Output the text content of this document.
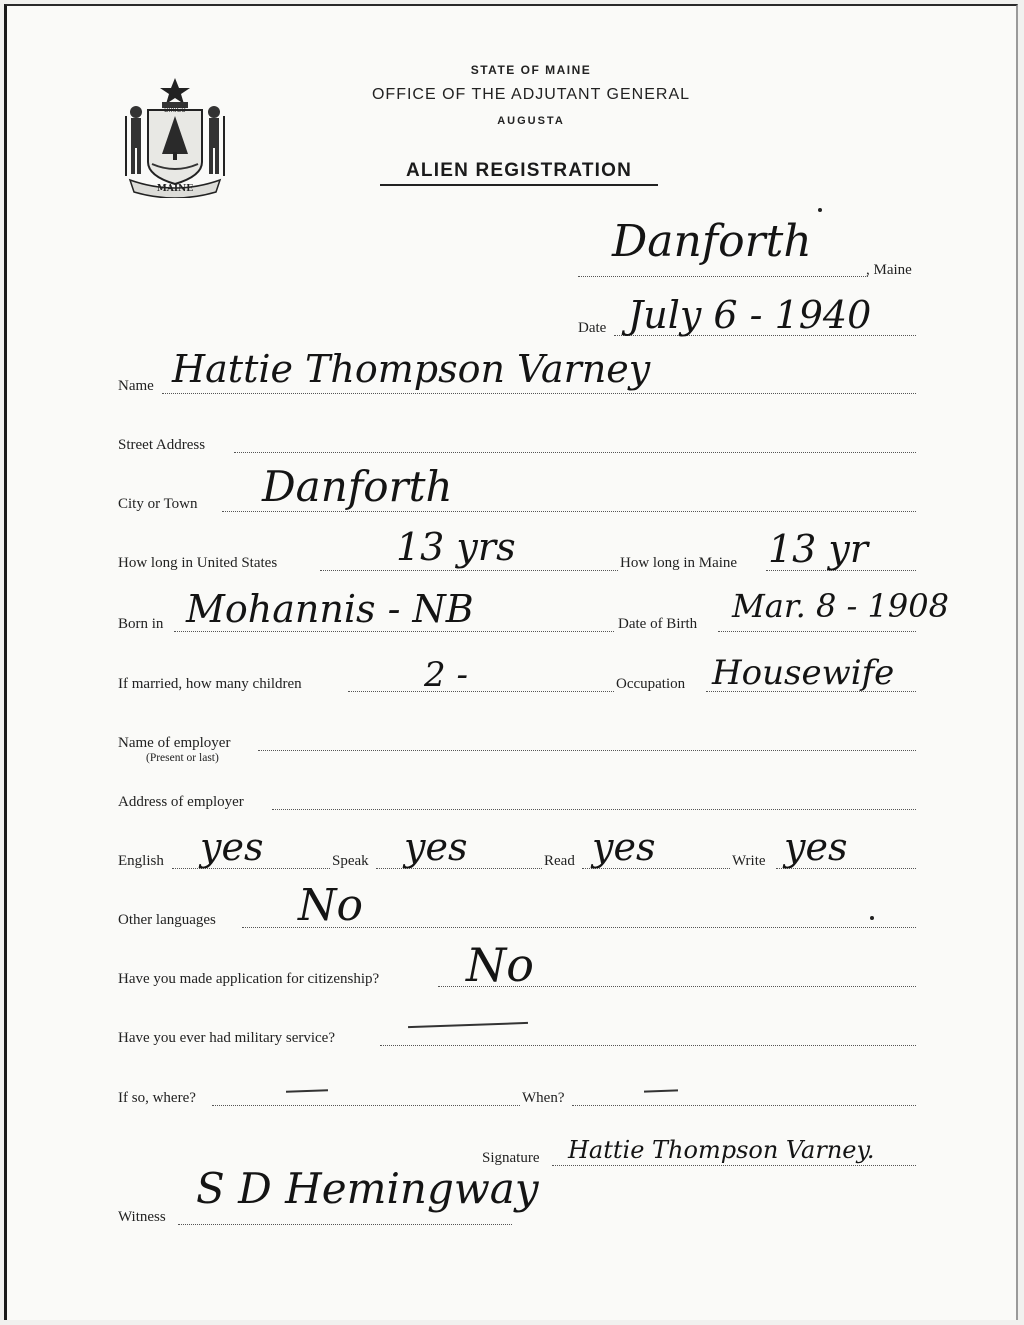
MAINE
DIRIGO
STATE OF MAINE
OFFICE OF THE ADJUTANT GENERAL
AUGUSTA
ALIEN REGISTRATION
, Maine
Danforth
Date July 6 - 1940
Name Hattie Thompson Varney
Street Address
City or Town Danforth
How long in United States	13 yrs	How long in Maine 13 yr
Born in Mohannis - NB	Date of Birth Mar. 8 - 1908
If married, how many children	2 -	Occupation Housewife
Name of employer
(Present or last)
Address of employer
English yes	Speak yes	Read yes	Write yes
Other languages No
Have you made application for citizenship? No
Have you ever had military service?
If so, where?	When?
Signature Hattie Thompson Varney.
Witness
S D Hemingway
